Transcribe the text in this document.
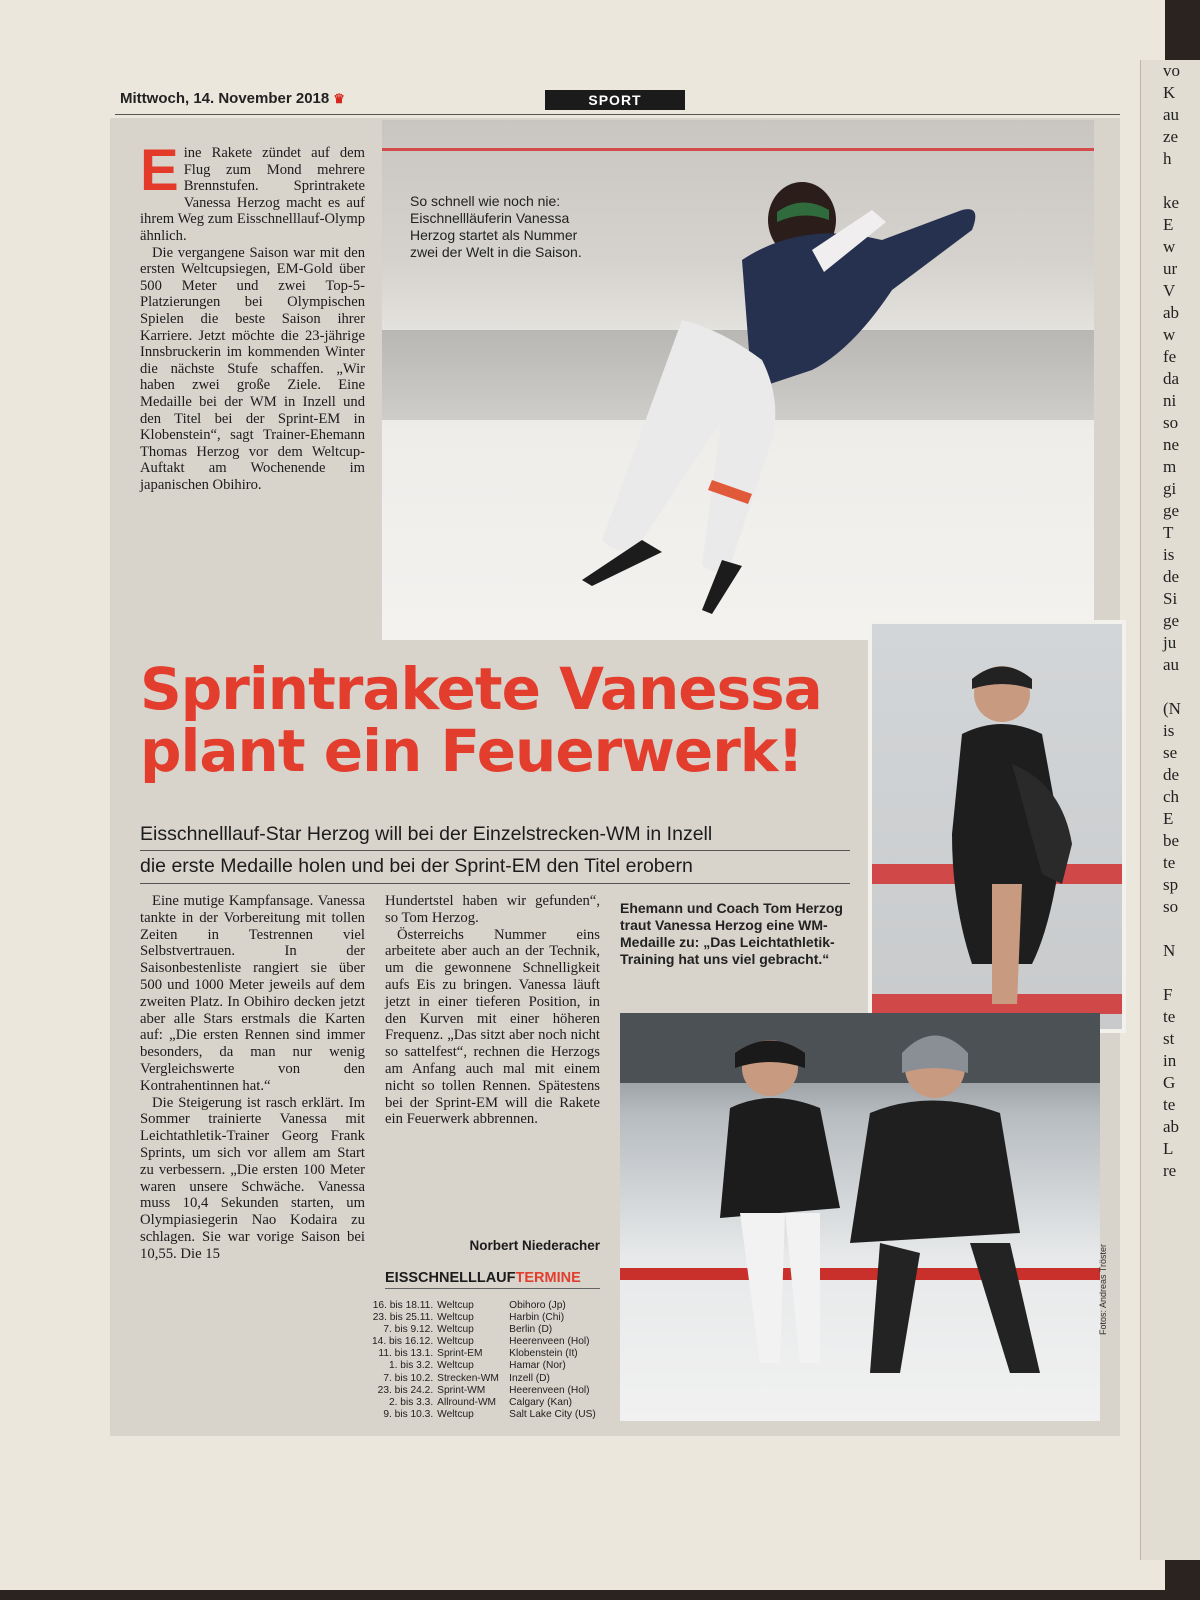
vo
K
au
ze
h

ke
E
w
ur
V
ab
w
fe
da
ni
so
ne
m
gi
ge
T
is
de
Si
ge
ju
au

(N
is
se
de
ch
E
be
te
sp
so

N

F
te
st
in
G
te
ab
L
re
Mittwoch, 14. November 2018 ♛	SPORT

Eine Rakete zündet auf dem Flug zum Mond mehrere Brennstufen. Sprintrakete Vanessa Herzog macht es auf ihrem Weg zum Eisschnelllauf-Olymp ähnlich.

Die vergangene Saison war mit den ersten Weltcupsiegen, EM-Gold über 500 Meter und zwei Top-5-Platzierungen bei Olympischen Spielen die beste Saison ihrer Karriere. Jetzt möchte die 23-jährige Innsbruckerin im kommenden Winter die nächste Stufe schaffen. „Wir haben zwei große Ziele. Eine Medaille bei der WM in Inzell und den Titel bei der Sprint-EM in Klobenstein“, sagt Trainer-Ehemann Thomas Herzog vor dem Weltcup-Auftakt am Wochenende im japanischen Obihiro.

So schnell wie noch nie: Eischnellläuferin Vanessa Herzog startet als Nummer zwei der Welt in die Saison.
Sprintrakete Vanessa
plant ein Feuerwerk!
Eisschnelllauf-Star Herzog will bei der Einzelstrecken-WM in Inzell
die erste Medaille holen und bei der Sprint-EM den Titel erobern

Eine mutige Kampfansage. Vanessa tankte in der Vorbereitung mit tollen Zeiten in Testrennen viel Selbstvertrauen. In der Saisonbestenliste rangiert sie über 500 und 1000 Meter jeweils auf dem zweiten Platz. In Obihiro decken jetzt aber alle Stars erstmals die Karten auf: „Die ersten Rennen sind immer besonders, da man nur wenig Vergleichswerte von den Kontrahentinnen hat.“

Die Steigerung ist rasch erklärt. Im Sommer trainierte Vanessa mit Leichtathletik-Trainer Georg Frank Sprints, um sich vor allem am Start zu verbessern. „Die ersten 100 Meter waren unsere Schwäche. Vanessa muss 10,4 Sekunden starten, um Olympiasiegerin Nao Kodaira zu schlagen. Sie war vorige Saison bei 10,55. Die 15

Hundertstel haben wir gefunden“, so Tom Herzog.

Österreichs Nummer eins arbeitete aber auch an der Technik, um die gewonnene Schnelligkeit aufs Eis zu bringen. Vanessa läuft jetzt in einer tieferen Position, in den Kurven mit einer höheren Frequenz. „Das sitzt aber noch nicht so sattelfest“, rechnen die Herzogs am Anfang auch mal mit einem nicht so tollen Rennen. Spätestens bei der Sprint-EM will die Rakete ein Feuerwerk abbrennen.

Norbert Niederacher
Ehemann und Coach Tom Herzog traut Vanessa Herzog eine WM-Medaille zu: „Das Leichtathletik-Training hat uns viel gebracht.“
EISSCHNELLLAUFTERMINE
16. bis 18.11.	Weltcup	Obihoro (Jp)
23. bis 25.11.	Weltcup	Harbin (Chi)
7. bis 9.12.	Weltcup	Berlin (D)
14. bis 16.12.	Weltcup	Heerenveen (Hol)
11. bis 13.1.	Sprint-EM	Klobenstein (It)
1. bis 3.2.	Weltcup	Hamar (Nor)
7. bis 10.2.	Strecken-WM	Inzell (D)
23. bis 24.2.	Sprint-WM	Heerenveen (Hol)
2. bis 3.3.	Allround-WM	Calgary (Kan)
9. bis 10.3.	Weltcup	Salt Lake City (US)
Fotos: Andreas Tröster
